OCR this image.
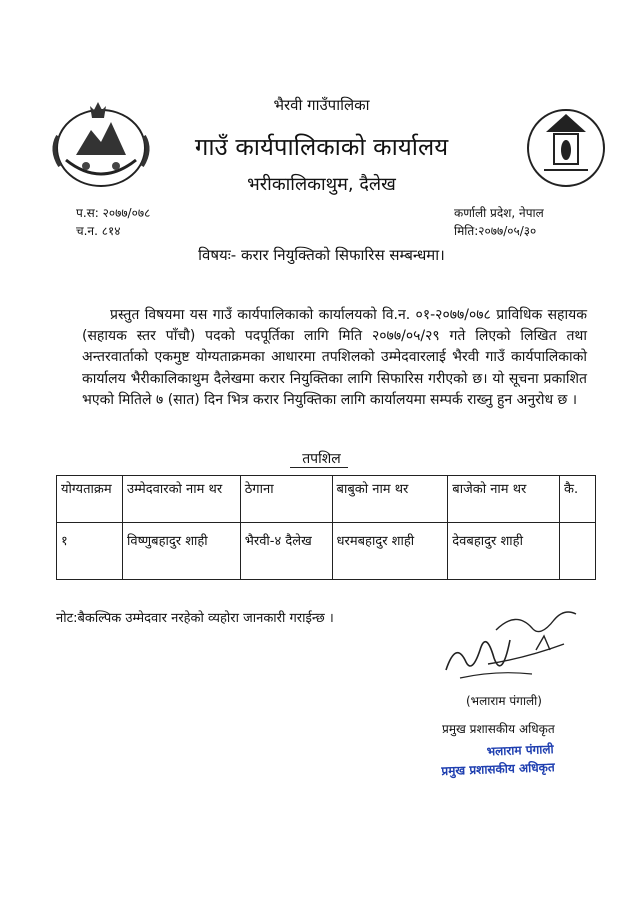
भैरवी गाउँपालिका
गाउँ कार्यपालिकाको कार्यालय
भरीकालिकाथुम, दैलेख
प.स: २०७७/०७८
च.न. ८१४
कर्णाली प्रदेश, नेपाल
मिति:२०७७/०५/३०
विषयः- करार नियुक्तिको सिफारिस सम्बन्धमा।
प्रस्तुत विषयमा यस गाउँ कार्यपालिकाको कार्यालयको वि.न. ०१-२०७७/०७८ प्राविधिक सहायक (सहायक स्तर पाँचौ) पदको पदपूर्तिका लागि मिति २०७७/०५/२९ गते लिएको लिखित तथा अन्तरवार्ताको एकमुष्ट योग्यताक्रमका आधारमा तपशिलको उम्मेदवारलाई भैरवी गाउँ कार्यपालिकाको कार्यालय भैरीकालिकाथुम दैलेखमा करार नियुक्तिका लागि सिफारिस गरीएको छ। यो सूचना प्रकाशित भएको मितिले ७ (सात) दिन भित्र करार नियुक्तिका लागि कार्यालयमा सम्पर्क राख्नु हुन अनुरोध छ ।
तपशिल
योग्यताक्रम	उम्मेदवारको नाम थर	ठेगाना	बाबुको नाम थर	बाजेको नाम थर	कै.
१	विष्णुबहादुर शाही	भैरवी-४ दैलेख	धरमबहादुर शाही	देवबहादुर शाही	
नोट:बैकल्पिक उम्मेदवार नरहेको व्यहोरा जानकारी गराईन्छ ।
(भलाराम पंगाली)
प्रमुख प्रशासकीय अधिकृत
भलाराम पंगाली
प्रमुख प्रशासकीय अधिकृत
